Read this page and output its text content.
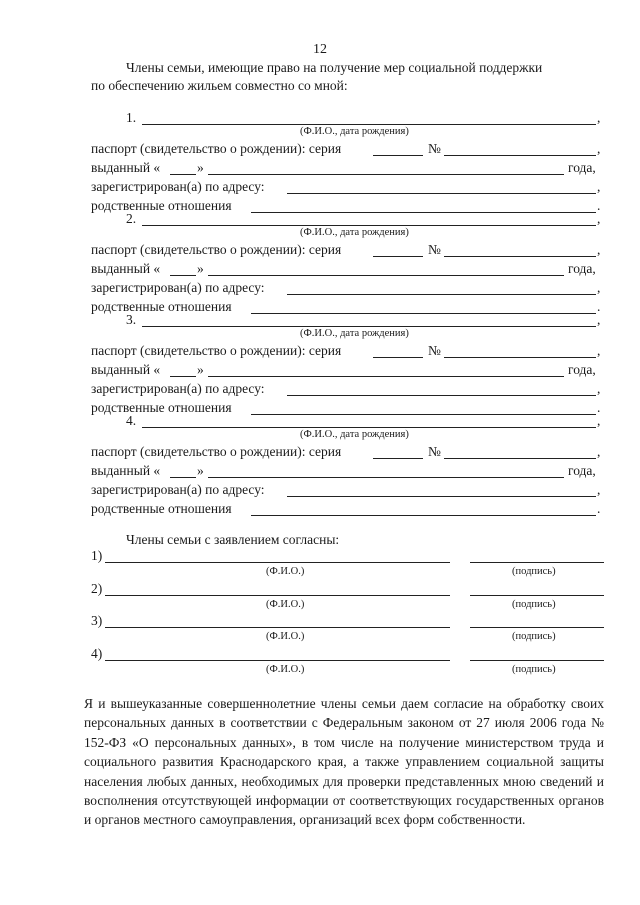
12
Члены семьи, имеющие право на получение мер социальной поддержки
по обеспечению жильем совместно со мной:
1.	,
(Ф.И.О., дата рождения)
паспорт (свидетельство о рождении): серия	№	,
выданный «	»	года,
зарегистрирован(а) по адресу:	,
родственные отношения	.
2.	,
(Ф.И.О., дата рождения)
паспорт (свидетельство о рождении): серия	№	,
выданный «	»	года,
зарегистрирован(а) по адресу:	,
родственные отношения	.
3.	,
(Ф.И.О., дата рождения)
паспорт (свидетельство о рождении): серия	№	,
выданный «	»	года,
зарегистрирован(а) по адресу:	,
родственные отношения	.
4.	,
(Ф.И.О., дата рождения)
паспорт (свидетельство о рождении): серия	№	,
выданный «	»	года,
зарегистрирован(а) по адресу:	,
родственные отношения	.
Члены семьи с заявлением согласны:
1)
(Ф.И.О.)	(подпись)
2)
(Ф.И.О.)	(подпись)
3)
(Ф.И.О.)	(подпись)
4)
(Ф.И.О.)	(подпись)
Я и вышеуказанные совершеннолетние члены семьи даем согласие на обработку своих персональных данных в соответствии с Федеральным законом от 27 июля 2006 года № 152-ФЗ «О персональных данных», в том числе на получение министерством труда и социального развития Краснодарского края, а также управлением социальной защиты населения любых данных, необходимых для проверки представленных мною сведений и восполнения отсутствующей информации от соответствующих государственных органов и органов местного самоуправления, организаций всех форм собственности.
